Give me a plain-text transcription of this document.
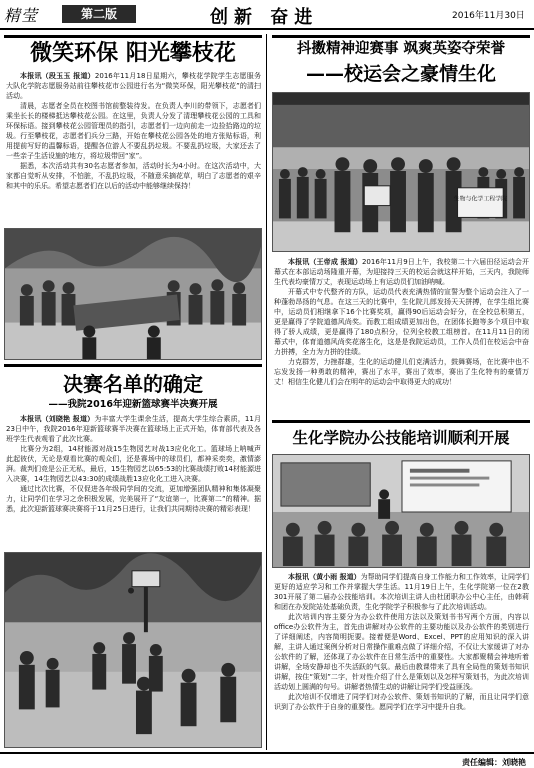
精莹	第二版	创新 奋进	2016年11月30日
微笑环保 阳光攀枝花

本报讯（段玉玉 报道）2016年11月18日星期六，攀枝花学院学生志愿服务大队化学院志愿服务站前往攀枝花市公园进行名为“微笑环保，阳光攀枝花”的清扫活动。

清晨，志愿者全员在校图书馆前整装待发。在负责人李川的带领下，志愿者们乘坐长长的楼梯抵达攀枝花公园。在这里，负责人分发了清理攀枝花公园的工具和环保标语。接到攀枝花公园管理员的指引，志愿者们一边向前走一边捡拾路边的垃圾。行至攀枝花，志愿者们兵分三路，开始在攀枝花公园各处的地方张贴标语，利用提前写好的温馨标语，提醒各位游人不要乱扔垃圾。不要乱扔垃圾，大家还去了一些亲子生活设施的地方，将垃圾带回“家”。

据悉，本次活动共有30名志愿者参加，活动时长为4小时。在这次活动中，大家都自觉听从安排，不怕脏，不乱扔垃圾，不随意采摘花草，明白了志愿者的艰辛和其中的乐乐。希望志愿者们在以后的活动中能够继续保持！

决赛名单的确定
——我院2016年迎新篮球赛半决赛开展

本报讯（刘晓艳 报道）为丰富大学生课余生活，提高大学生综合素质，11月23日中午，我院2016年迎新篮球赛半决赛在篮球场上正式开始，体育部代表及各班学生代表观看了此次比赛。

比赛分为2组，14材能源对战15生物园艺对战13应化化工。篮球场上呐喊声此起彼伏，无论是观看比赛的观众们，还是赛场中的球员们，都神采奕奕，激情澎湃。裁判们竞是公正无私，最后，15生物园艺以65:53的比赛战绩打败14材能源进入决赛，14生物园艺以43:30的成绩战胜13应化化工进入决赛。

通过比次比赛，不仅促进各年级同学间的交流，更加增强团队精神和集体凝聚力，让同学们在学习之余积极发展，完美展开了“友谊第一，比赛第二”的精神。据悉，此次迎新篮球赛决赛将于11月25日进行，让我们共同期待决赛的精彩表现！

抖擞精神迎赛事 飒爽英姿夺荣誉
——校运会之豪情生化
生物与化学工程学院

本报讯（王帝成 报道）2016年11月9日上午，我校第二十六届田径运动会开幕式在本部运动场隆重开幕，为迎接持三天的校运会就这样开始，三天内，我院师生代表均豪情万丈，表现运动场上有运动员们加油呐喊。

开幕式中专代整齐的方队，运动员代表充满热情的宣誓为整个运动会注入了一种蓬勃昂扬的气息。在这三天的比赛中，生化院儿郎发扬天天拼搏，在学生组比赛中，运动员们相继拿下16个比赛奖项，赢得90后运动会好分，在全校总积第五，更是赢得了学院道德风尚奖。而教工组成绩更加出色，在团体长跑等多个项目中取得了骄人成绩，更是赢得了180点积分，位列全校教工组榜首。在11月11日的闭幕式中，体育道德风尚奖花落生化，这是是我院运动员，工作人员们在校运会中奋力拼搏，全力为力拼的佳绩。

力克群芳，力挫群雄，生化的运动健儿们克满活力，鼓舞赛场，在比赛中也不忘发发扬一种勇敢的精神，赛出了水平，赛出了效率，赛出了生化特有的豪情万丈！相信生化健儿们会在明年的运动会中取得更大的成功！

生化学院办公技能培训顺利开展

本报讯（黄小雨 报道）为帮助同学们提高自身工作能力和工作效率，让同学们更好的适应学习和工作并掌握大学生活。11月19日上午，生化学院第一位在2教301开展了第二届办公技能培训。本次培训主讲人由杜团职办公中心主任，由韩莉和团在办发院站处基础负责，生化学院学子积极参与了此次培训活动。

此次培训内容主要分为办公软件使用方法以及策划书书写两个方面，内容以office办公软件为主，首先由讲解对办公软件的主要功能以及办公软件的类别进行了详细阐述，内容简明扼要。接着便是Word、Excel、PPT的应用知识的深入讲解，主讲人通过案例分析对日常操作重难点做了详细介绍，不仅让大家缓讲了对办公软件的了解，还体现了办公软件在日常生活中的重要性。大家都聚精会神地听着讲解，全场安静却也不失活跃的气氛。最后由教课带来了具有全局性的策划书知识讲解，按住“策划”二字，针对性介绍了什么是策划以及怎样写策划书，为此次培训活动划上圆满的句号。讲解者热情生动的讲解让同学们受益匪浅。

此次培训不仅增进了同学们对办公软件、策划书知识的了解，而且让同学们意识到了办公软件于自身的重要性。愿同学们在学习中提升自我。

责任编辑：刘晓艳
